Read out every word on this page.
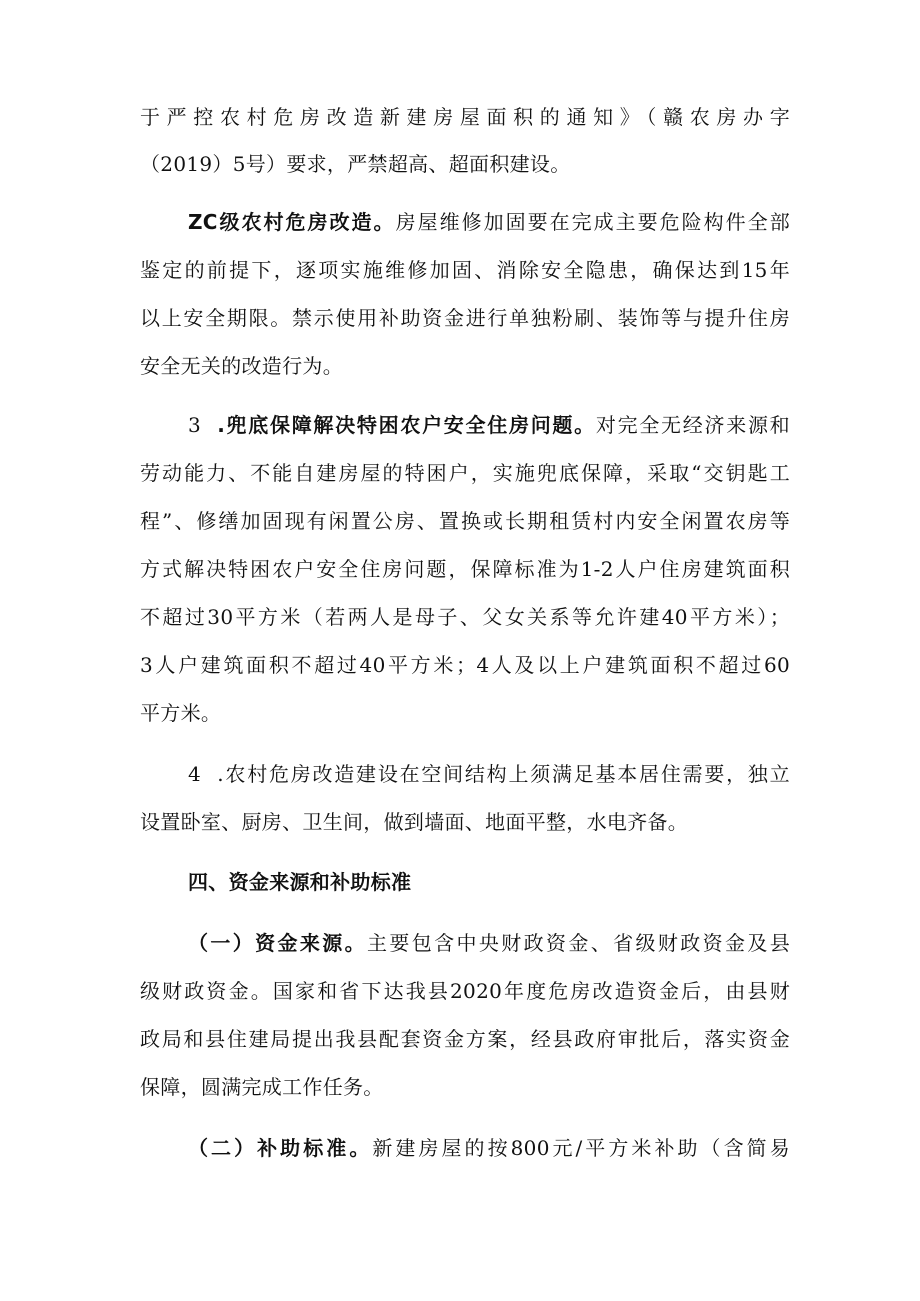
于严控农村危房改造新建房屋面积的通知》（赣农房办字
（2019）5号）要求，严禁超高、超面积建设。
ZC级农村危房改造。房屋维修加固要在完成主要危险构件全部
鉴定的前提下，逐项实施维修加固、消除安全隐患，确保达到15年
以上安全期限。禁示使用补助资金进行单独粉刷、装饰等与提升住房
安全无关的改造行为。
3 .兜底保障解决特困农户安全住房问题。对完全无经济来源和
劳动能力、不能自建房屋的特困户，实施兜底保障，采取“交钥匙工
程”、修缮加固现有闲置公房、置换或长期租赁村内安全闲置农房等
方式解决特困农户安全住房问题，保障标准为1-2人户住房建筑面积
不超过30平方米（若两人是母子、父女关系等允许建40平方米）；
3人户建筑面积不超过40平方米；4人及以上户建筑面积不超过60
平方米。
4 .农村危房改造建设在空间结构上须满足基本居住需要，独立
设置卧室、厨房、卫生间，做到墙面、地面平整，水电齐备。
四、资金来源和补助标准
（一）资金来源。主要包含中央财政资金、省级财政资金及县
级财政资金。国家和省下达我县2020年度危房改造资金后，由县财
政局和县住建局提出我县配套资金方案，经县政府审批后，落实资金
保障，圆满完成工作任务。
（二）补助标准。新建房屋的按800元/平方米补助（含简易
